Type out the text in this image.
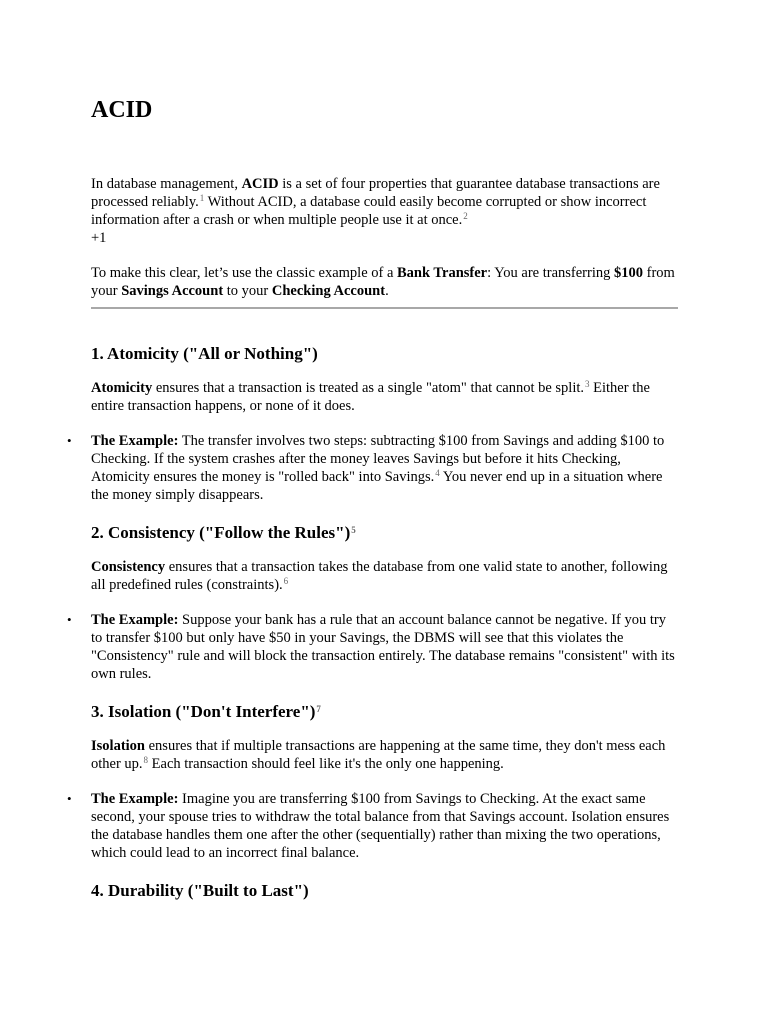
ACID

In database management, ACID is a set of four properties that guarantee database transactions are processed reliably.$^1$ Without ACID, a database could easily become corrupted or show incorrect information after a crash or when multiple people use it at once.$^2$
+1

To make this clear, let’s use the classic example of a Bank Transfer: You are transferring $100 from your Savings Account to your Checking Account.

1. Atomicity ("All or Nothing")

Atomicity ensures that a transaction is treated as a single "atom" that cannot be split.$^3$ Either the entire transaction happens, or none of it does.

• The Example: The transfer involves two steps: subtracting $100 from Savings and adding $100 to Checking. If the system crashes after the money leaves Savings but before it hits Checking, Atomicity ensures the money is "rolled back" into Savings.$^4$ You never end up in a situation where the money simply disappears.
2. Consistency ("Follow the Rules")$^5$

Consistency ensures that a transaction takes the database from one valid state to another, following all predefined rules (constraints).$^6$

• The Example: Suppose your bank has a rule that an account balance cannot be negative. If you try to transfer $100 but only have $50 in your Savings, the DBMS will see that this violates the "Consistency" rule and will block the transaction entirely. The database remains "consistent" with its own rules.
3. Isolation ("Don't Interfere")$^7$

Isolation ensures that if multiple transactions are happening at the same time, they don't mess each other up.$^8$ Each transaction should feel like it's the only one happening.

• The Example: Imagine you are transferring $100 from Savings to Checking. At the exact same second, your spouse tries to withdraw the total balance from that Savings account. Isolation ensures the database handles them one after the other (sequentially) rather than mixing the two operations, which could lead to an incorrect final balance.
4. Durability ("Built to Last")
